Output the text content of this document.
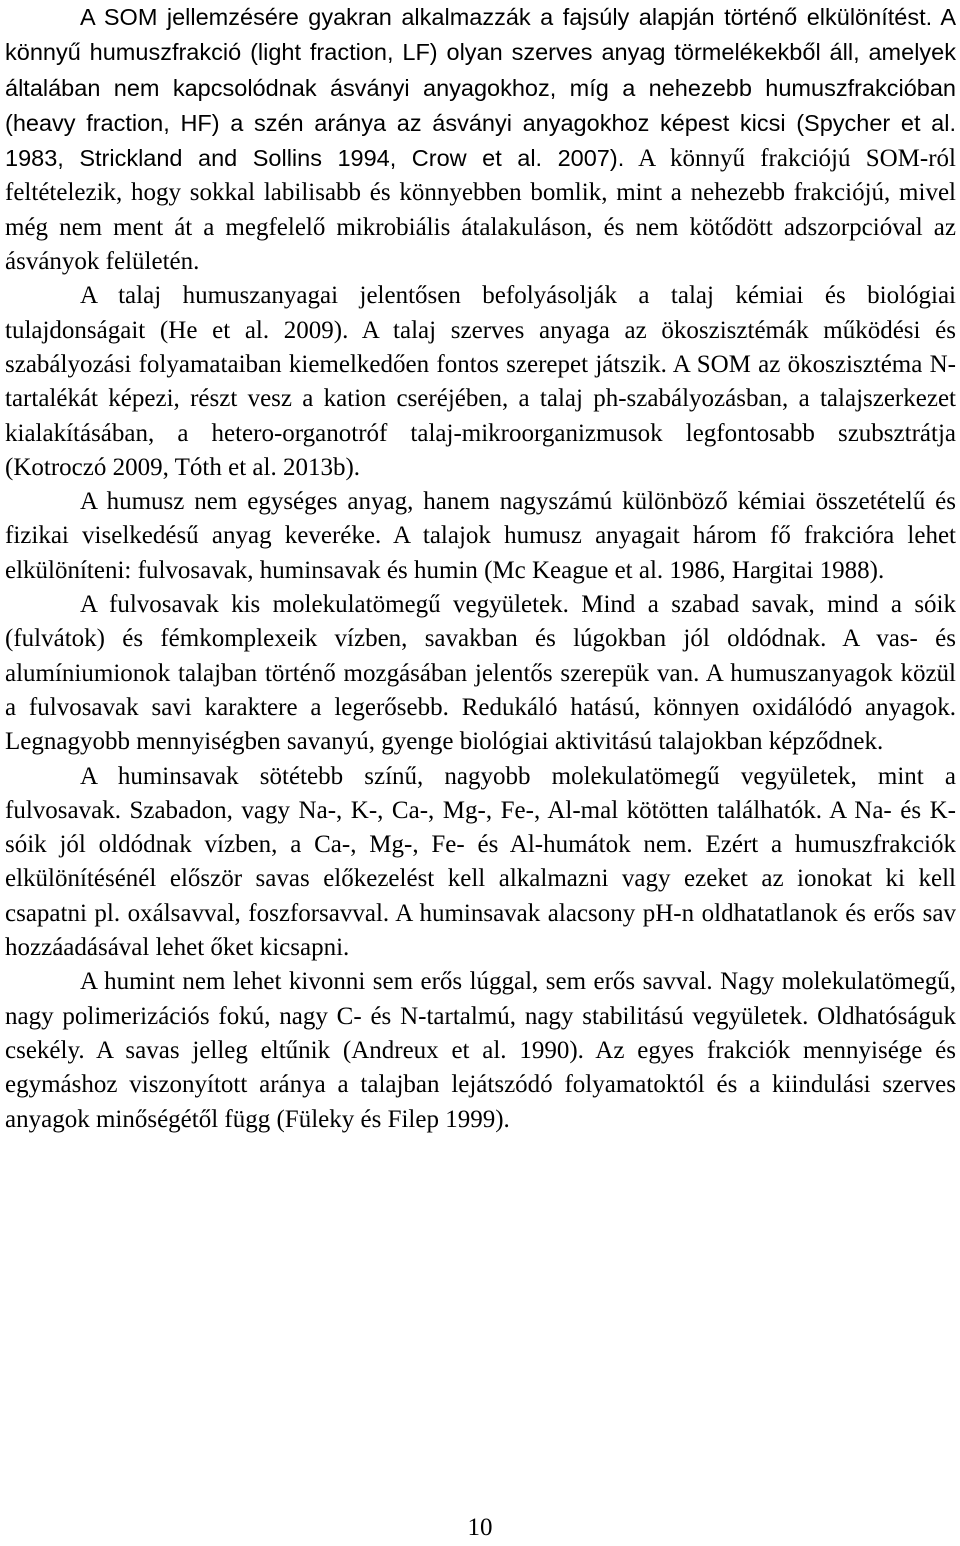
A SOM jellemzésére gyakran alkalmazzák a fajsúly alapján történő elkülönítést. A könnyű humuszfrakció (light fraction, LF) olyan szerves anyag törmelékekből áll, amelyek általában nem kapcsolódnak ásványi anyagokhoz, míg a nehezebb humuszfrakcióban (heavy fraction, HF) a szén aránya az ásványi anyagokhoz képest kicsi (Spycher et al. 1983, Strickland and Sollins 1994, Crow et al. 2007). A könnyű frakciójú SOM-ról feltételezik, hogy sokkal labilisabb és könnyebben bomlik, mint a nehezebb frakciójú, mivel még nem ment át a megfelelő mikrobiális átalakuláson, és nem kötődött adszorpcióval az ásványok felületén.

A talaj humuszanyagai jelentősen befolyásolják a talaj kémiai és biológiai tulajdonságait (He et al. 2009). A talaj szerves anyaga az ökoszisztémák működési és szabályozási folyamataiban kiemelkedően fontos szerepet játszik. A SOM az ökoszisztéma N-tartalékát képezi, részt vesz a kation cseréjében, a talaj ph-szabályozásban, a talajszerkezet kialakításában, a hetero-organotróf talaj-mikroorganizmusok legfontosabb szubsztrátja (Kotroczó 2009, Tóth et al. 2013b).

A humusz nem egységes anyag, hanem nagyszámú különböző kémiai összetételű és fizikai viselkedésű anyag keveréke. A talajok humusz anyagait három fő frakcióra lehet elkülöníteni: fulvosavak, huminsavak és humin (Mc Keague et al. 1986, Hargitai 1988).

A fulvosavak kis molekulatömegű vegyületek. Mind a szabad savak, mind a sóik (fulvátok) és fémkomplexeik vízben, savakban és lúgokban jól oldódnak. A vas- és alumíniumionok talajban történő mozgásában jelentős szerepük van. A humuszanyagok közül a fulvosavak savi karaktere a legerősebb. Redukáló hatású, könnyen oxidálódó anyagok. Legnagyobb mennyiségben savanyú, gyenge biológiai aktivitású talajokban képződnek.

A huminsavak sötétebb színű, nagyobb molekulatömegű vegyületek, mint a fulvosavak. Szabadon, vagy Na-, K-, Ca-, Mg-, Fe-, Al-mal kötötten találhatók. A Na- és K- sóik jól oldódnak vízben, a Ca-, Mg-, Fe- és Al-humátok nem. Ezért a humuszfrakciók elkülönítésénél először savas előkezelést kell alkalmazni vagy ezeket az ionokat ki kell csapatni pl. oxálsavval, foszforsavval. A huminsavak alacsony pH-n oldhatatlanok és erős sav hozzáadásával lehet őket kicsapni.

A humint nem lehet kivonni sem erős lúggal, sem erős savval. Nagy molekulatömegű, nagy polimerizációs fokú, nagy C- és N-tartalmú, nagy stabilitású vegyületek. Oldhatóságuk csekély. A savas jelleg eltűnik (Andreux et al. 1990). Az egyes frakciók mennyisége és egymáshoz viszonyított aránya a talajban lejátszódó folyamatoktól és a kiindulási szerves anyagok minőségétől függ (Füleky és Filep 1999).

10
